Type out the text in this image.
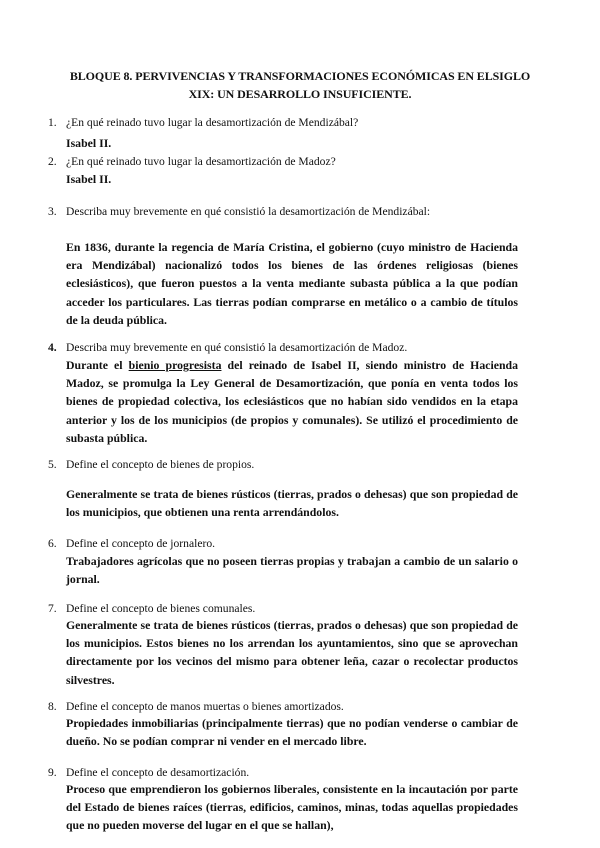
BLOQUE 8. PERVIVENCIAS Y TRANSFORMACIONES ECONÓMICAS EN ELSIGLO XIX: UN DESARROLLO INSUFICIENTE.
1. ¿En qué reinado tuvo lugar la desamortización de Mendizábal?
Isabel II.
2. ¿En qué reinado tuvo lugar la desamortización de Madoz?
Isabel II.
3. Describa muy brevemente en qué consistió la desamortización de Mendizábal:
En 1836, durante la regencia de María Cristina, el gobierno (cuyo ministro de Hacienda era Mendizábal) nacionalizó todos los bienes de las órdenes religiosas (bienes eclesiásticos), que fueron puestos a la venta mediante subasta pública a la que podían acceder los particulares. Las tierras podían comprarse en metálico o a cambio de títulos de la deuda pública.
4. Describa muy brevemente en qué consistió la desamortización de Madoz.
Durante el bienio progresista del reinado de Isabel II, siendo ministro de Hacienda Madoz, se promulga la Ley General de Desamortización, que ponía en venta todos los bienes de propiedad colectiva, los eclesiásticos que no habían sido vendidos en la etapa anterior y los de los municipios (de propios y comunales). Se utilizó el procedimiento de subasta pública.
5. Define el concepto de bienes de propios.
Generalmente se trata de bienes rústicos (tierras, prados o dehesas) que son propiedad de los municipios, que obtienen una renta arrendándolos.
6. Define el concepto de jornalero.
Trabajadores agrícolas que no poseen tierras propias y trabajan a cambio de un salario o jornal.
7. Define el concepto de bienes comunales.
Generalmente se trata de bienes rústicos (tierras, prados o dehesas) que son propiedad de los municipios. Estos bienes no los arrendan los ayuntamientos, sino que se aprovechan directamente por los vecinos del mismo para obtener leña, cazar o recolectar productos silvestres.
8. Define el concepto de manos muertas o bienes amortizados.
Propiedades inmobiliarias (principalmente tierras) que no podían venderse o cambiar de dueño. No se podían comprar ni vender en el mercado libre.
9. Define el concepto de desamortización.
Proceso que emprendieron los gobiernos liberales, consistente en la incautación por parte del Estado de bienes raíces (tierras, edificios, caminos, minas, todas aquellas propiedades que no pueden moverse del lugar en el que se hallan),
